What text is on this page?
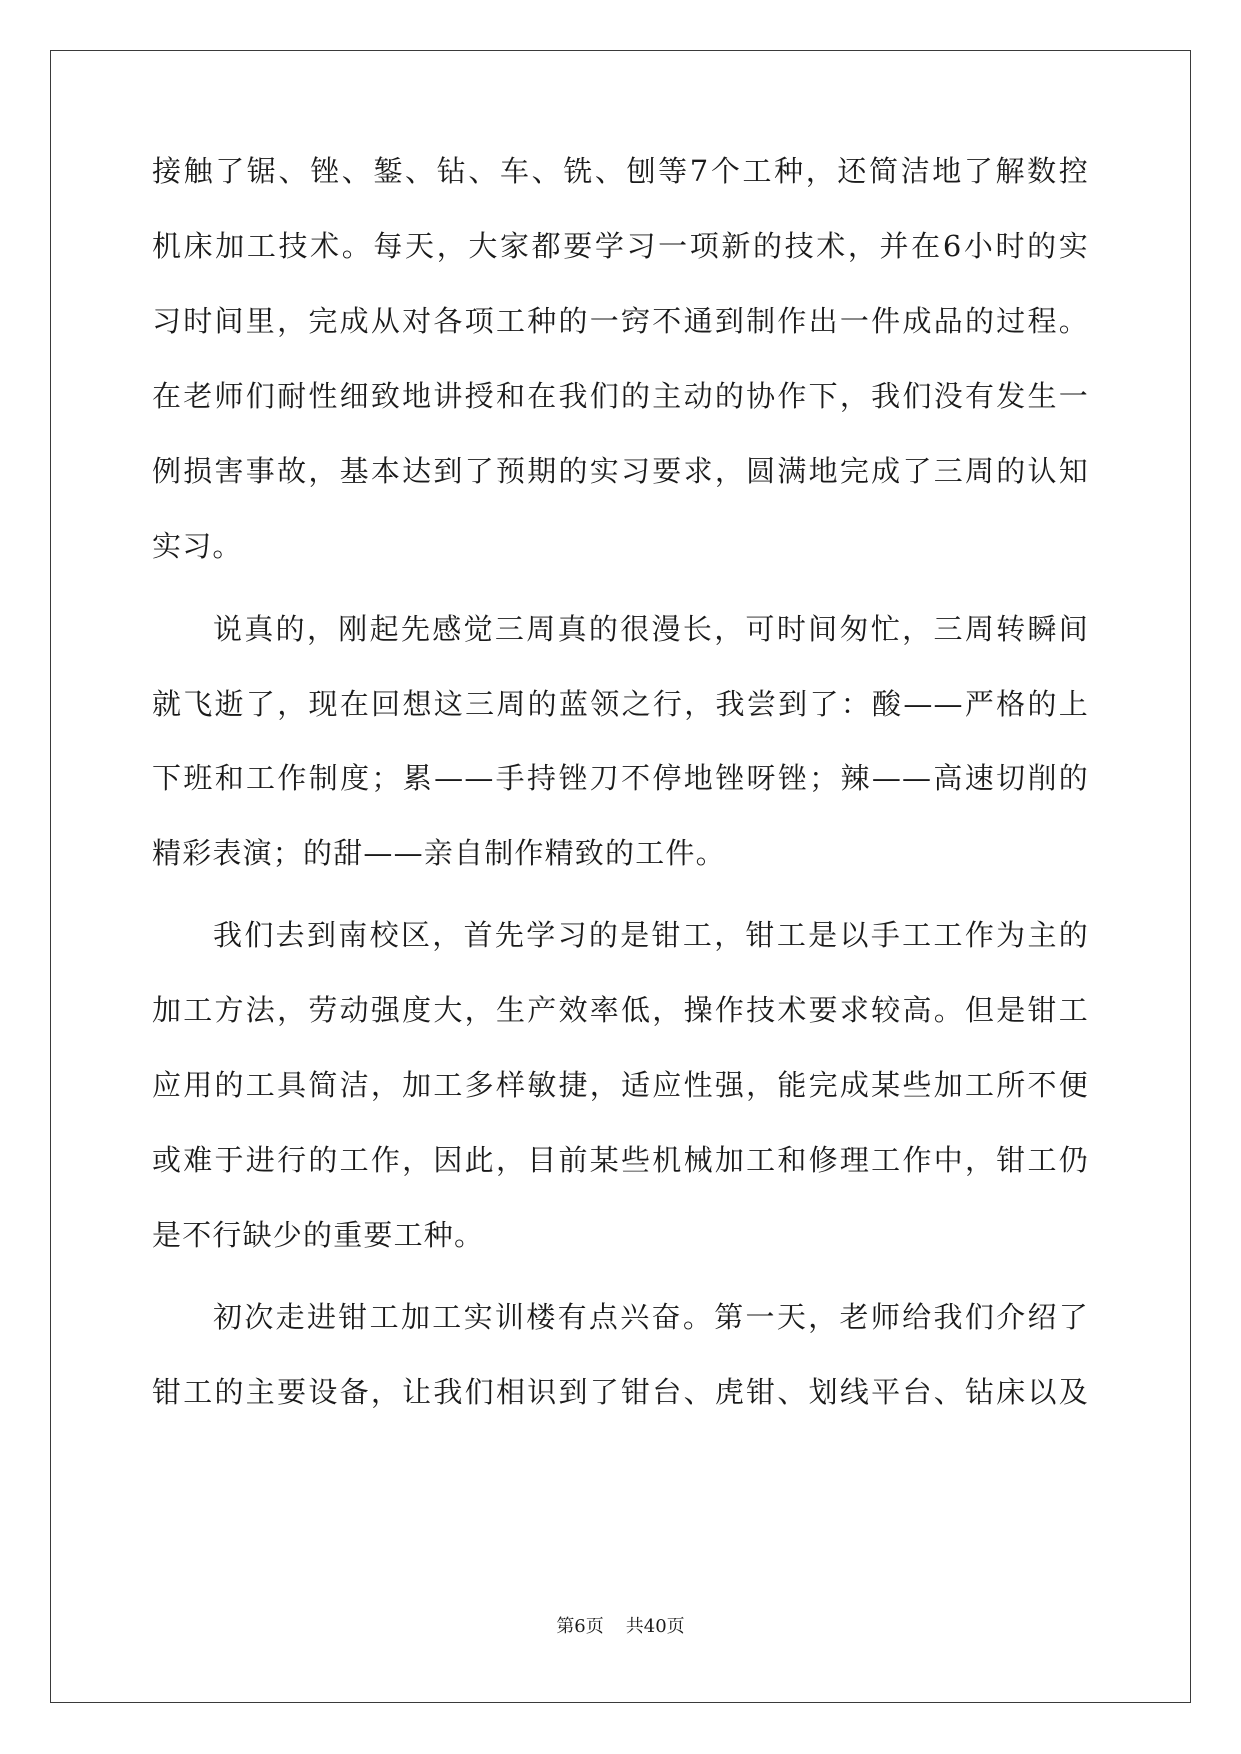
接触了锯、锉、錾、钻、车、铣、刨等7个工种，还简洁地了解数控
机床加工技术。每天，大家都要学习一项新的技术，并在6小时的实
习时间里，完成从对各项工种的一窍不通到制作出一件成品的过程。
在老师们耐性细致地讲授和在我们的主动的协作下，我们没有发生一
例损害事故，基本达到了预期的实习要求，圆满地完成了三周的认知
实习。
说真的，刚起先感觉三周真的很漫长，可时间匆忙，三周转瞬间
就飞逝了，现在回想这三周的蓝领之行，我尝到了：酸——严格的上
下班和工作制度；累——手持锉刀不停地锉呀锉；辣——高速切削的
精彩表演；的甜——亲自制作精致的工件。
我们去到南校区，首先学习的是钳工，钳工是以手工工作为主的
加工方法，劳动强度大，生产效率低，操作技术要求较高。但是钳工
应用的工具简洁，加工多样敏捷，适应性强，能完成某些加工所不便
或难于进行的工作，因此，目前某些机械加工和修理工作中，钳工仍
是不行缺少的重要工种。
初次走进钳工加工实训楼有点兴奋。第一天，老师给我们介绍了
钳工的主要设备，让我们相识到了钳台、虎钳、划线平台、钻床以及
第6页 共40页
